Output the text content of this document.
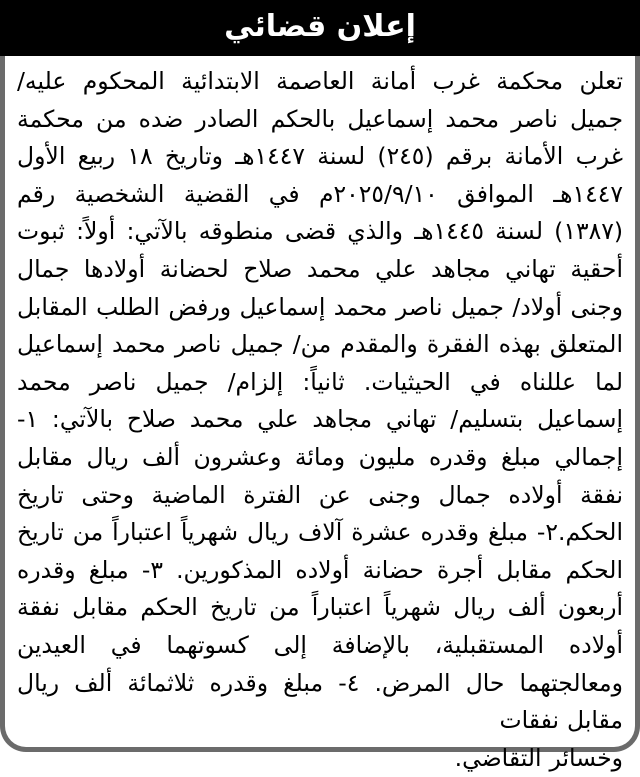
إعلان قضائي

تعلن محكمة غرب أمانة العاصمة الابتدائية المحكوم عليه/ جميل ناصر محمد إسماعيل بالحكم الصادر ضده من محكمة غرب الأمانة برقم (٢٤٥) لسنة ١٤٤٧هـ وتاريخ ١٨ ربيع الأول ١٤٤٧هـ الموافق ٢٠٢٥/٩/١٠م في القضية الشخصية رقم (١٣٨٧) لسنة ١٤٤٥هـ والذي قضى منطوقه بالآتي: أولاً: ثبوت أحقية تهاني مجاهد علي محمد صلاح لحضانة أولادها جمال وجنى أولاد/ جميل ناصر محمد إسماعيل ورفض الطلب المقابل المتعلق بهذه الفقرة والمقدم من/ جميل ناصر محمد إسماعيل لما عللناه في الحيثيات. ثانياً: إلزام/ جميل ناصر محمد إسماعيل بتسليم/ تهاني مجاهد علي محمد صلاح بالآتي: ١- إجمالي مبلغ وقدره مليون ومائة وعشرون ألف ريال مقابل نفقة أولاده جمال وجنى عن الفترة الماضية وحتى تاريخ الحكم.٢- مبلغ وقدره عشرة آلاف ريال شهرياً اعتباراً من تاريخ الحكم مقابل أجرة حضانة أولاده المذكورين. ٣- مبلغ وقدره أربعون ألف ريال شهرياً اعتباراً من تاريخ الحكم مقابل نفقة أولاده المستقبلية، بالإضافة إلى كسوتهما في العيدين ومعالجتهما حال المرض. ٤- مبلغ وقدره ثلاثمائة ألف ريال مقابل نفقات
وخسائر التقاضي.
